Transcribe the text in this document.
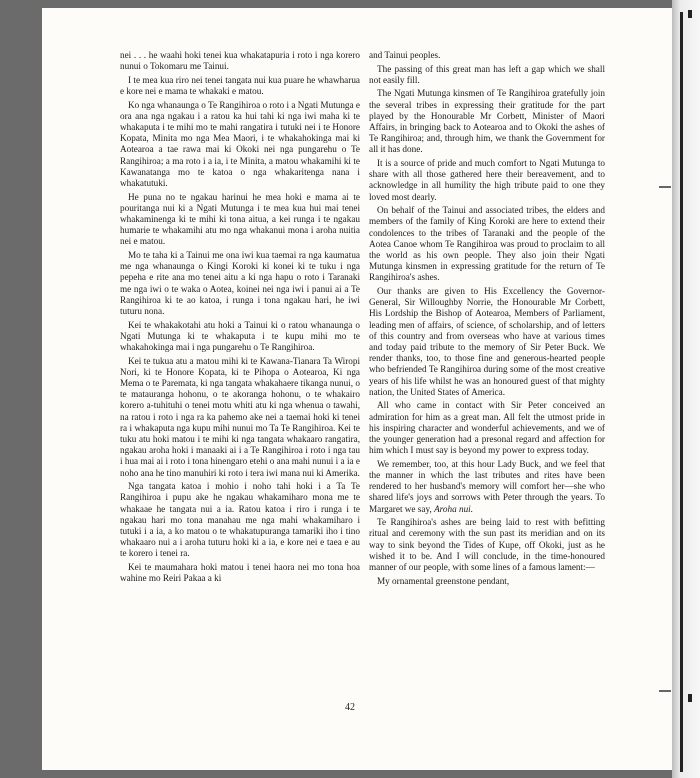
nei . . . he waahi hoki tenei kua whakatapuria i roto i nga korero nunui o Tokomaru me Tainui.

I te mea kua riro nei tenei tangata nui kua puare he whawharua e kore nei e mama te whakaki e matou.

Ko nga whanaunga o Te Rangihiroa o roto i a Ngati Mutunga e ora ana nga ngakau i a ratou ka hui tahi ki nga iwi maha ki te whakaputa i te mihi mo te mahi rangatira i tutuki nei i te Honore Kopata, Minita mo nga Mea Maori, i te whakahokinga mai ki Aotearoa a tae rawa mai ki Okoki nei nga pungarehu o Te Rangihiroa; a ma roto i a ia, i te Minita, a matou whakamihi ki te Kawanatanga mo te katoa o nga whakaritenga nana i whakatutuki.

He puna no te ngakau harinui he mea hoki e mama ai te pouritanga nui ki a Ngati Mutunga i te mea kua hui mai tenei whakaminenga ki te mihi ki tona aituа, a kei runga i te ngakau humarie te whakamihi atu mo nga whakanui mona i aroha nuitia nei e matou.

Mo te taha ki a Tainui me ona iwi kua taemai ra nga kaumatua me nga whanaunga o Kingi Koroki ki konei ki te tuku i nga pepeha e rite ana mo tenei aitu a ki nga hapu o roto i Taranaki me nga iwi o te waka o Aotea, koinei nei nga iwi i panui ai a Te Rangihiroa ki te ao katoa, i runga i tona ngakau hari, he iwi tuturu nona.

Kei te whakakotahi atu hoki a Tainui ki o ratou whanaunga o Ngati Mutunga ki te whakaputa i te kupu mihi mo te whakahokinga mai i nga pungarehu o Te Rangihiroa.

Kei te tukua atu a matou mihi ki te Kawana-Tianara Ta Wiropi Nori, ki te Honore Kopata, ki te Pihopa o Aotearoa, Ki nga Mema o te Paremata, ki nga tangata whakahaere tikanga nunui, o te matauranga hohonu, o te akoranga hohonu, o te whakairo korero a-tuhituhi o tenei motu whiti atu ki nga whenua o tawahi, na ratou i roto i nga ra ka pahemo ake nei a taemai hoki ki tenei ra i whakaputa nga kupu mihi nunui mo Ta Te Rangihiroa. Kei te tuku atu hoki matou i te mihi ki nga tangata whakaaro rangatira, ngakau aroha hoki i manaaki ai i a Te Rangihiroa i roto i nga tau i hua mai ai i roto i tona hinengaro etehi o ana mahi nunui i a ia e noho ana he tino manuhiri ki roto i tera iwi mana nui ki Amerika.

Nga tangata katoa i mohio i noho tahi hoki i a Ta Te Rangihiroa i pupu ake he ngakau whakamiharo mona me te whakaae he tangata nui a ia. Ratou katoa i riro i runga i te ngakau hari mo tona manahau me nga mahi whakamiharo i tutuki i a ia, a ko matou o te whakatupuranga tamariki iho i tino whakaaro nui a i aroha tuturu hoki ki a ia, e kore nei e taea e au te korero i tenei ra.

Kei te maumahara hoki matou i tenei haora nei mo tona hoa wahine mo Reiri Pakaa a ki

and Tainui peoples.

The passing of this great man has left a gap which we shall not easily fill.

The Ngati Mutunga kinsmen of Te Rangihiroa gratefully join the several tribes in expressing their gratitude for the part played by the Honourable Mr Corbett, Minister of Maori Affairs, in bringing back to Aotearoa and to Okoki the ashes of Te Rangihiroa; and, through him, we thank the Government for all it has done.

It is a source of pride and much comfort to Ngati Mutunga to share with all those gathered here their bereavement, and to acknowledge in all humility the high tribute paid to one they loved most dearly.

On behalf of the Tainui and associated tribes, the elders and members of the family of King Koroki are here to extend their condolences to the tribes of Taranaki and the people of the Aotea Canoe whom Te Rangihiroa was proud to proclaim to all the world as his own people. They also join their Ngati Mutunga kinsmen in expressing gratitude for the return of Te Rangihiroa's ashes.

Our thanks are given to His Excellency the Governor-General, Sir Willoughby Norrie, the Honourable Mr Corbett, His Lordship the Bishop of Aotearoa, Members of Parliament, leading men of affairs, of science, of scholarship, and of letters of this country and from overseas who have at various times and today paid tribute to the memory of Sir Peter Buck. We render thanks, too, to those fine and generous-hearted people who befriended Te Rangihiroa during some of the most creative years of his life whilst he was an honoured guest of that mighty nation, the United States of America.

All who came in contact with Sir Peter conceived an admiration for him as a great man. All felt the utmost pride in his inspiring character and wonderful achievements, and we of the younger generation had a presonal regard and affection for him which I must say is beyond my power to express today.

We remember, too, at this hour Lady Buck, and we feel that the manner in which the last tributes and rites have been rendered to her husband's memory will comfort her—she who shared life's joys and sorrows with Peter through the years. To Margaret we say, Aroha nui.

Te Rangihiroa's ashes are being laid to rest with befitting ritual and ceremony with the sun past its meridian and on its way to sink beyond the Tides of Kupe, off Okoki, just as he wished it to be. And I will conclude, in the time-honoured manner of our people, with some lines of a famous lament:—

My ornamental greenstone pendant,

42
